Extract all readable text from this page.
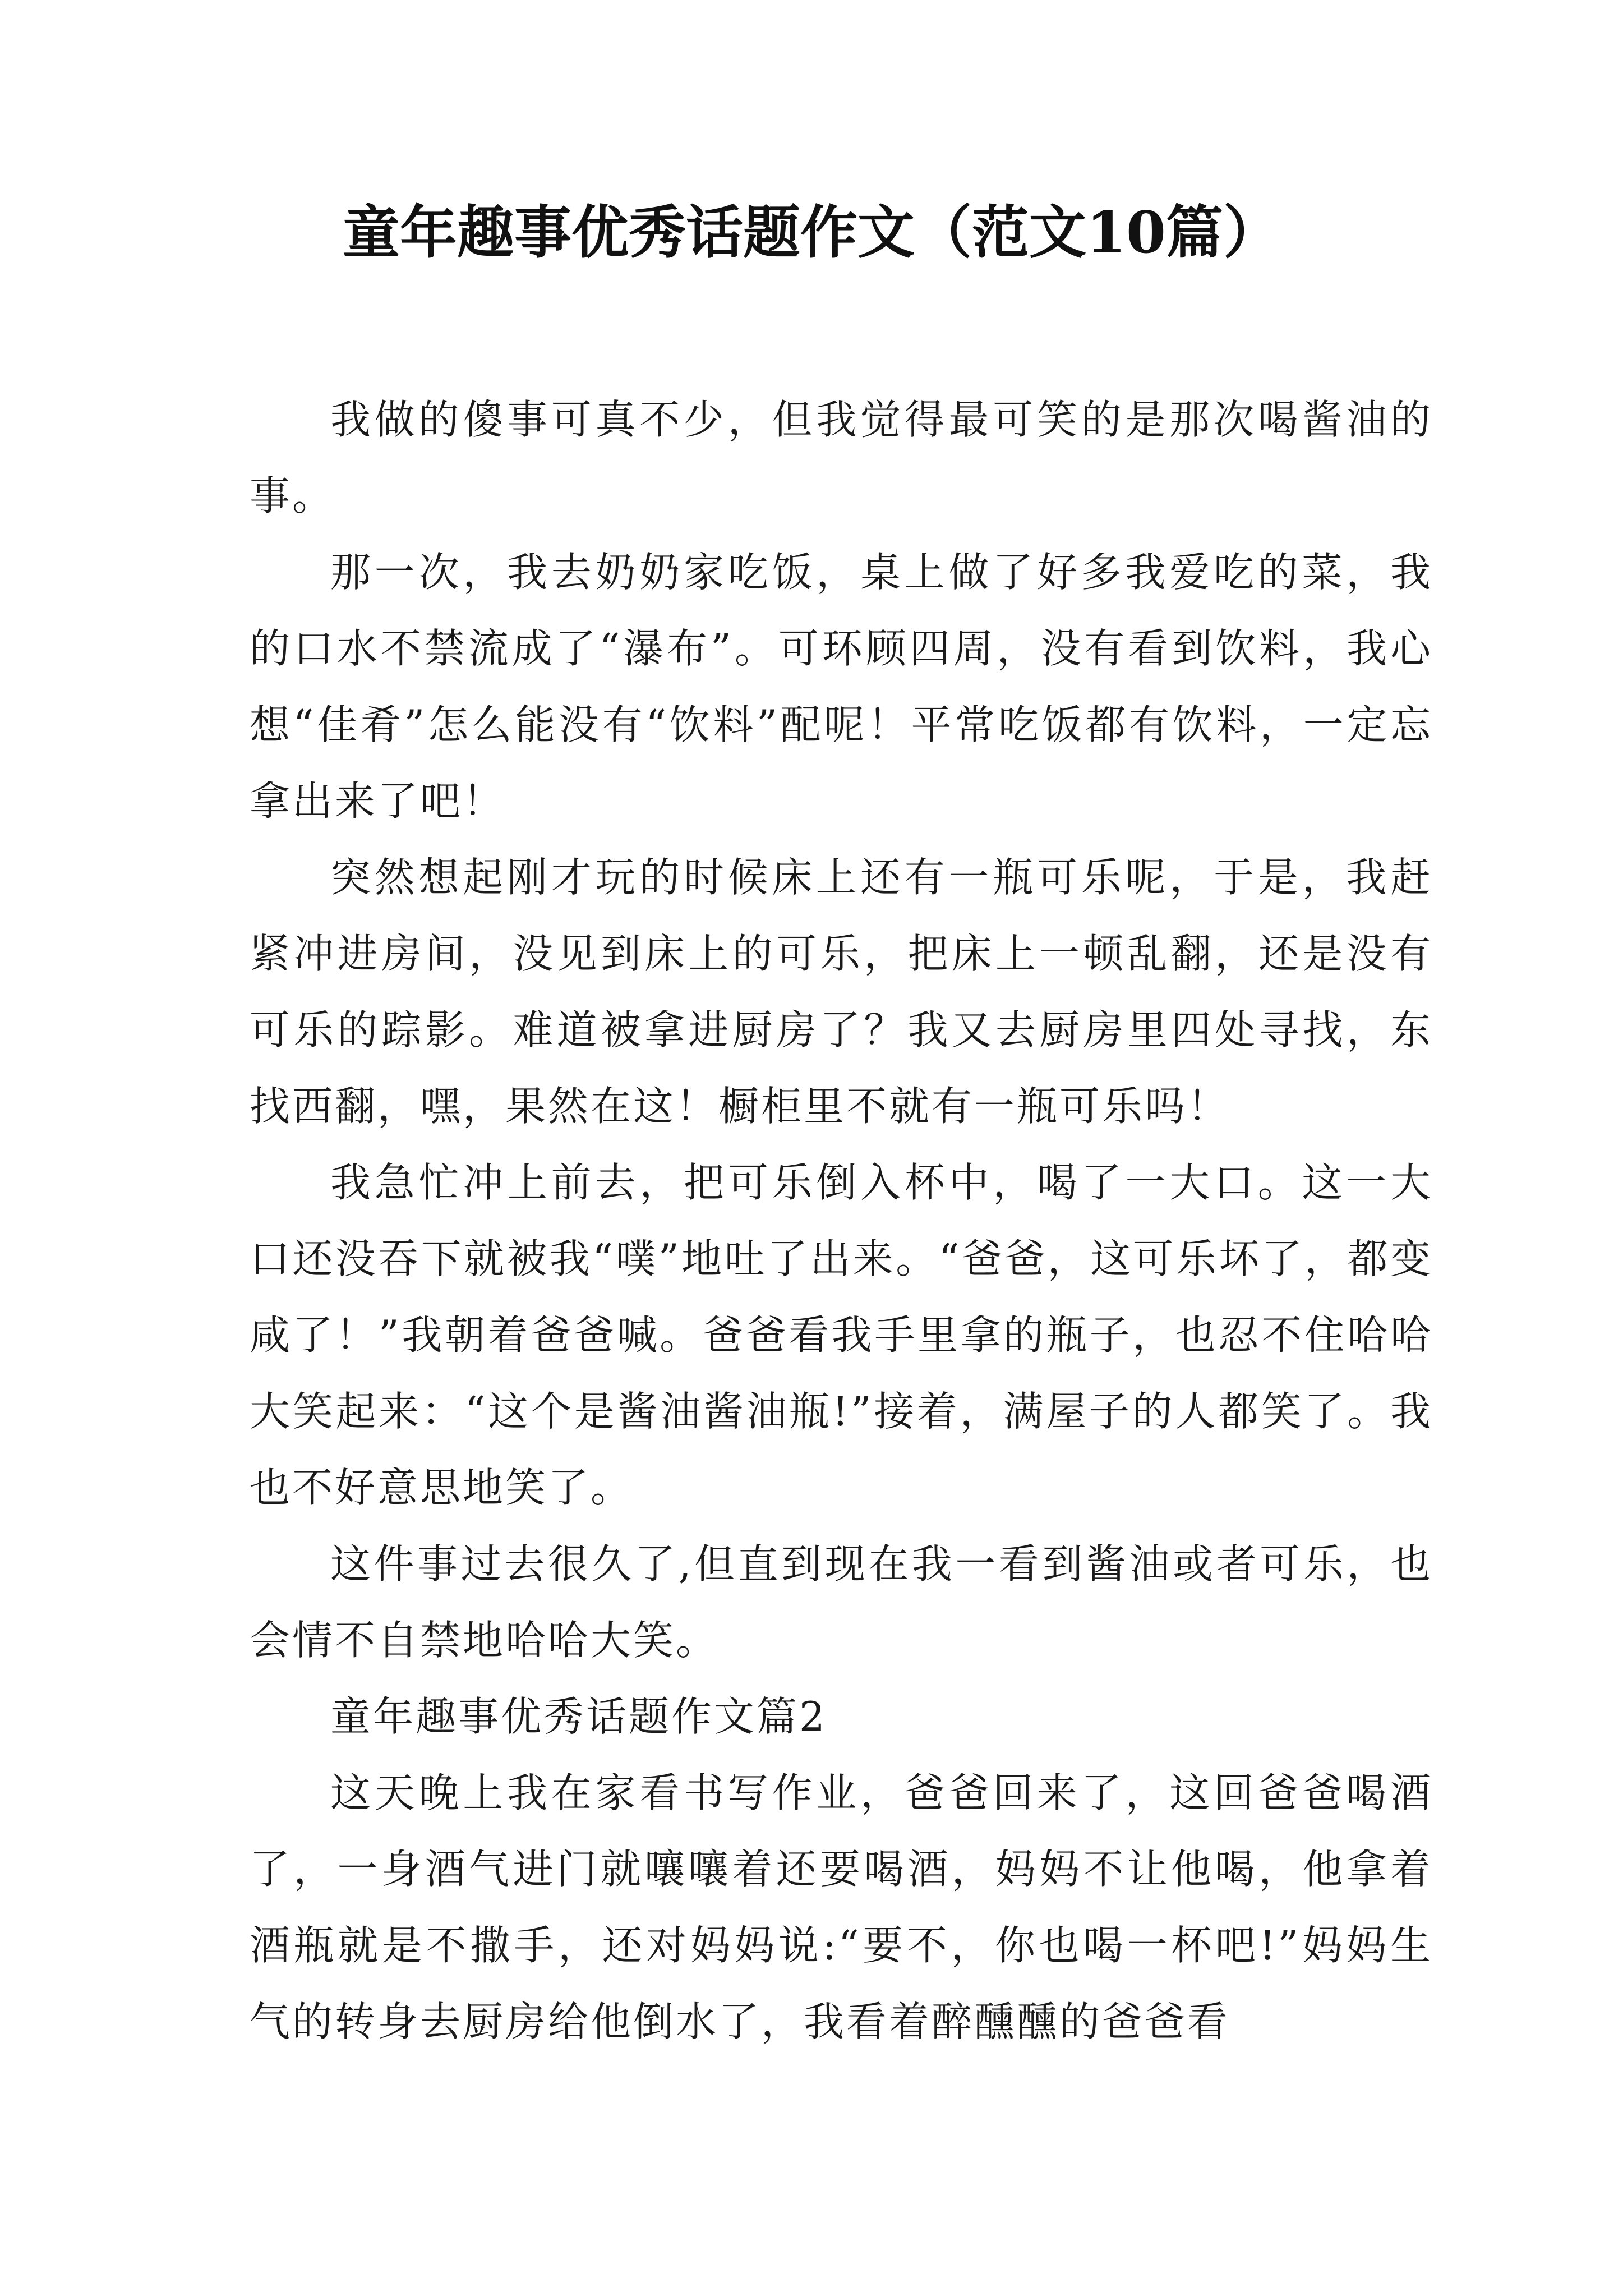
童年趣事优秀话题作文（范文10篇）

我做的傻事可真不少，但我觉得最可笑的是那次喝酱油的事。

那一次，我去奶奶家吃饭，桌上做了好多我爱吃的菜，我的口水不禁流成了“瀑布”。可环顾四周，没有看到饮料，我心想“佳肴”怎么能没有“饮料”配呢！平常吃饭都有饮料，一定忘拿出来了吧！

突然想起刚才玩的时候床上还有一瓶可乐呢，于是，我赶紧冲进房间，没见到床上的可乐，把床上一顿乱翻，还是没有可乐的踪影。难道被拿进厨房了？我又去厨房里四处寻找，东找西翻，嘿，果然在这！橱柜里不就有一瓶可乐吗！

我急忙冲上前去，把可乐倒入杯中，喝了一大口。这一大口还没吞下就被我“噗”地吐了出来。“爸爸，这可乐坏了，都变咸了！”我朝着爸爸喊。爸爸看我手里拿的瓶子，也忍不住哈哈大笑起来：“这个是酱油酱油瓶!”接着，满屋子的人都笑了。我也不好意思地笑了。

这件事过去很久了,但直到现在我一看到酱油或者可乐，也会情不自禁地哈哈大笑。

童年趣事优秀话题作文篇2

这天晚上我在家看书写作业，爸爸回来了，这回爸爸喝酒了，一身酒气进门就嚷嚷着还要喝酒，妈妈不让他喝，他拿着酒瓶就是不撒手，还对妈妈说:“要不，你也喝一杯吧!”妈妈生气的转身去厨房给他倒水了，我看着醉醺醺的爸爸看
